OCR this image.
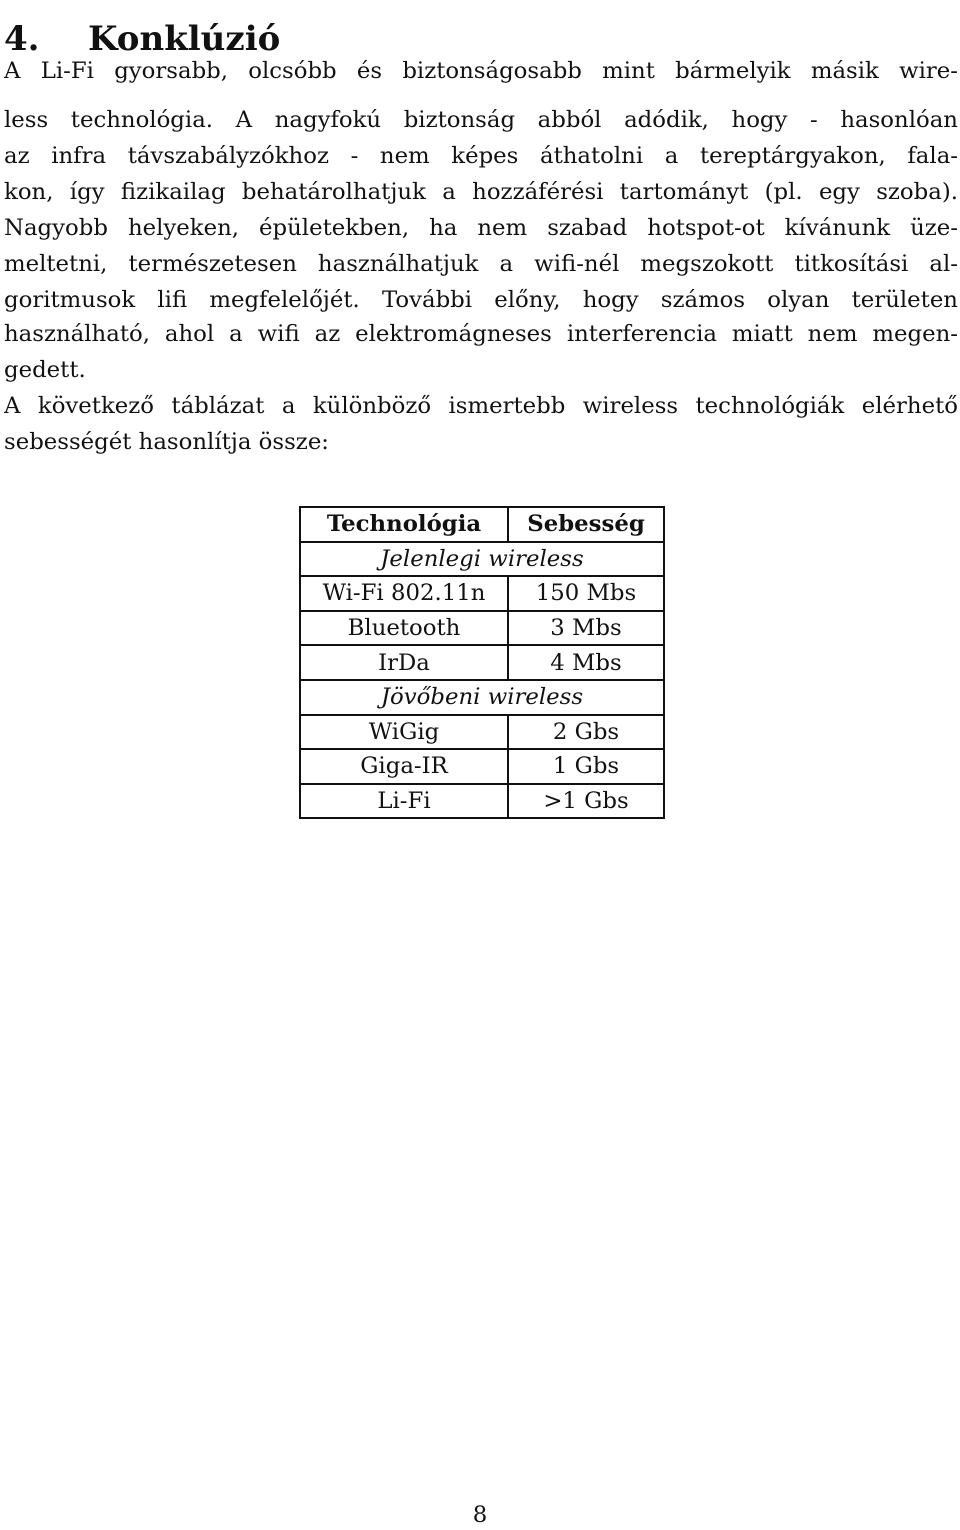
4. Konklúzió
A Li-Fi gyorsabb, olcsóbb és biztonságosabb mint bármelyik másik wire-
less technológia. A nagyfokú biztonság abból adódik, hogy - hasonlóan
az infra távszabályzókhoz - nem képes áthatolni a tereptárgyakon, fala-
kon, így fizikailag behatárolhatjuk a hozzáférési tartományt (pl. egy szoba).
Nagyobb helyeken, épületekben, ha nem szabad hotspot-ot kívánunk üze-
meltetni, természetesen használhatjuk a wifi-nél megszokott titkosítási al-
goritmusok lifi megfelelőjét. További előny, hogy számos olyan területen
használható, ahol a wifi az elektromágneses interferencia miatt nem megen-
gedett.
A következő táblázat a különböző ismertebb wireless technológiák elérhető
sebességét hasonlítja össze:
Technológia	Sebesség
Jelenlegi wireless	
Wi-Fi 802.11n	150 Mbs
Bluetooth	3 Mbs
IrDa	4 Mbs
Jövőbeni wireless	
WiGig	2 Gbs
Giga-IR	1 Gbs
Li-Fi	>1 Gbs
8
